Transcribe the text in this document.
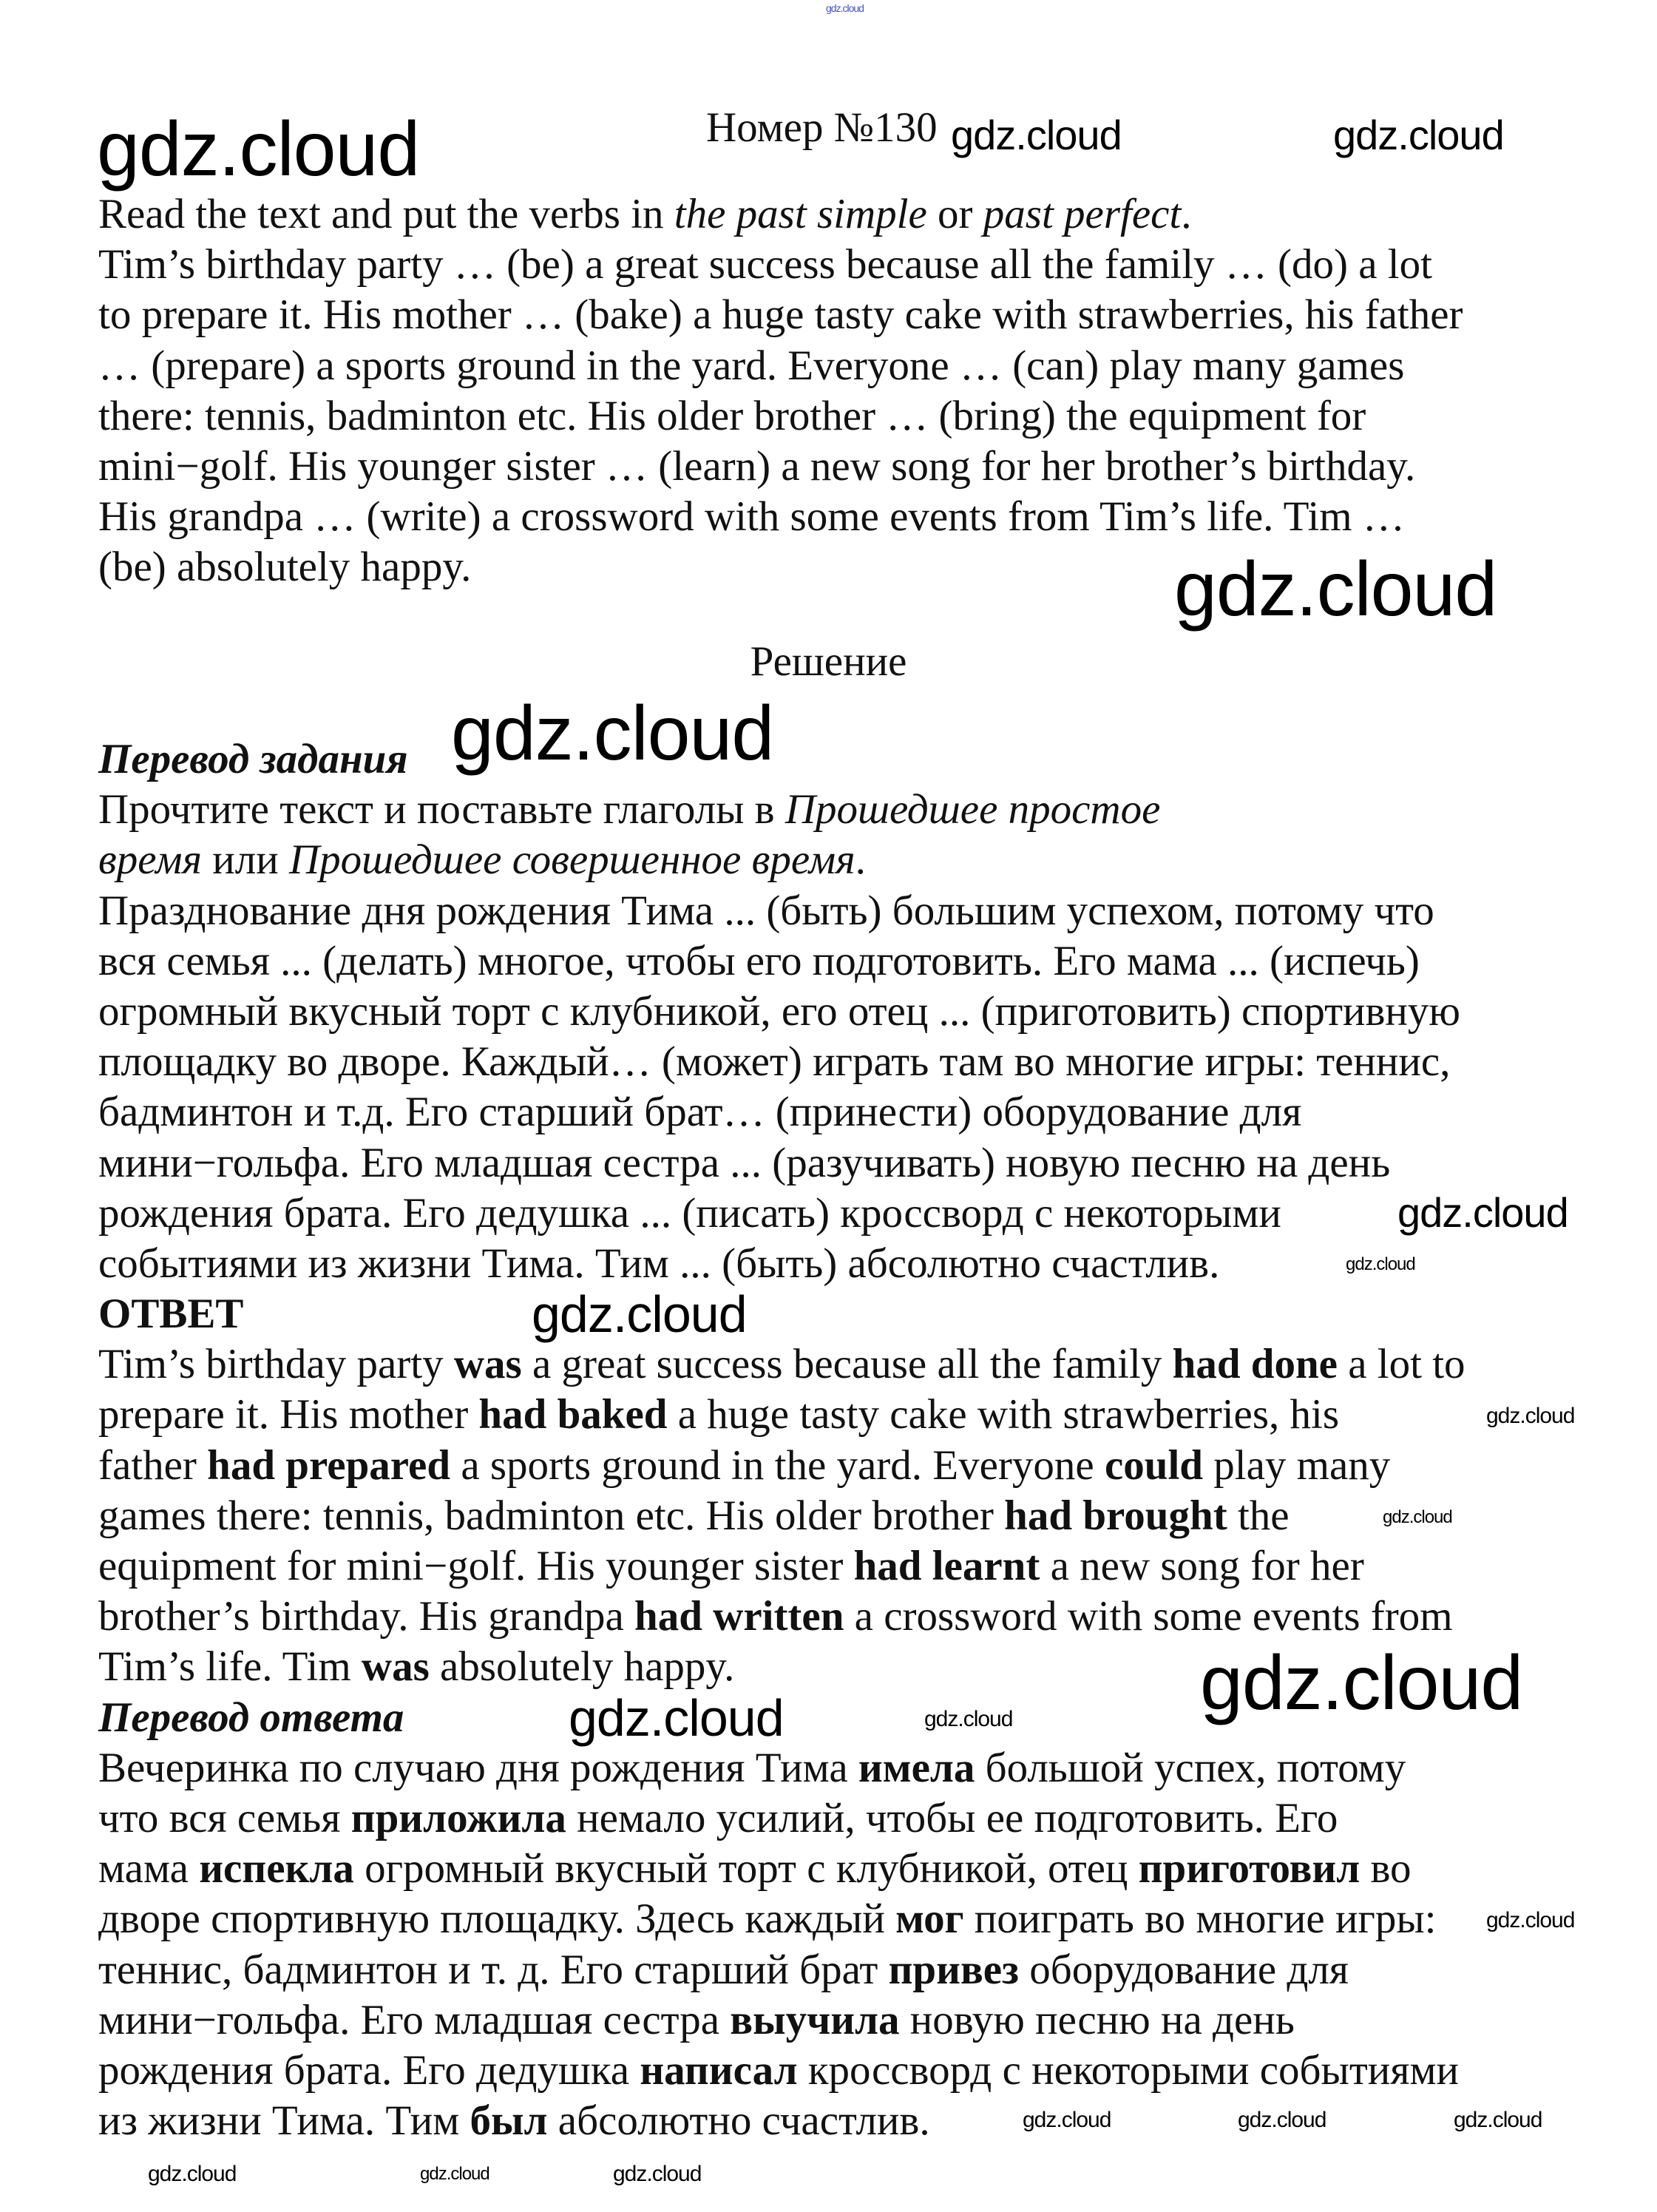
gdz.cloud
gdz.cloud	Номер №130 gdz.cloud	gdz.cloud
Read the text and put the verbs in the past simple or past perfect.
Tim’s birthday party … (be) a great success because all the family … (do) a lot
to prepare it. His mother … (bake) a huge tasty cake with strawberries, his father
… (prepare) a sports ground in the yard. Everyone … (can) play many games
there: tennis, badminton etc. His older brother … (bring) the equipment for
mini−golf. His younger sister … (learn) a new song for her brother’s birthday.
His grandpa … (write) a crossword with some events from Tim’s life. Tim …
(be) absolutely happy.	gdz.cloud
Решение
Перевод задания
Прочтите текст и поставьте глаголы в Прошедшее простое
время или Прошедшее совершенное время.
Празднование дня рождения Тима ... (быть) большим успехом, потому что
вся семья ... (делать) многое, чтобы его подготовить. Его мама ... (испечь)
огромный вкусный торт с клубникой, его отец ... (приготовить) спортивную
площадку во дворе. Каждый… (может) играть там во многие игры: теннис,
бадминтон и т.д. Его старший брат… (принести) оборудование для
мини−гольфа. Его младшая сестра ... (разучивать) новую песню на день
рождения брата. Его дедушка ... (писать) кроссворд с некоторыми
событиями из жизни Тима. Тим ... (быть) абсолютно счастлив.
ОТВЕТ
Tim’s birthday party was a great success because all the family had done a lot to
prepare it. His mother had baked a huge tasty cake with strawberries, his
father had prepared a sports ground in the yard. Everyone could play many
games there: tennis, badminton etc. His older brother had brought the
equipment for mini−golf. His younger sister had learnt a new song for her
brother’s birthday. His grandpa had written a crossword with some events from
Tim’s life. Tim was absolutely happy.
Перевод ответа
Вечеринка по случаю дня рождения Тима имела большой успех, потому
что вся семья приложила немало усилий, чтобы ее подготовить. Его
мама испекла огромный вкусный торт с клубникой, отец приготовил во
дворе спортивную площадку. Здесь каждый мог поиграть во многие игры:
теннис, бадминтон и т. д. Его старший брат привез оборудование для
мини−гольфа. Его младшая сестра выучила новую песню на день
рождения брата. Его дедушка написал кроссворд с некоторыми событиями
из жизни Тима. Тим был абсолютно счастлив.
gdz.cloud
gdz.cloud
gdz.cloud
gdz.cloud
gdz.cloud
gdz.cloud
gdz.cloud
gdz.cloud	gdz.cloud
gdz.cloud
gdz.cloud	gdz.cloud	gdz.cloud
gdz.cloud	gdz.cloud	gdz.cloud
